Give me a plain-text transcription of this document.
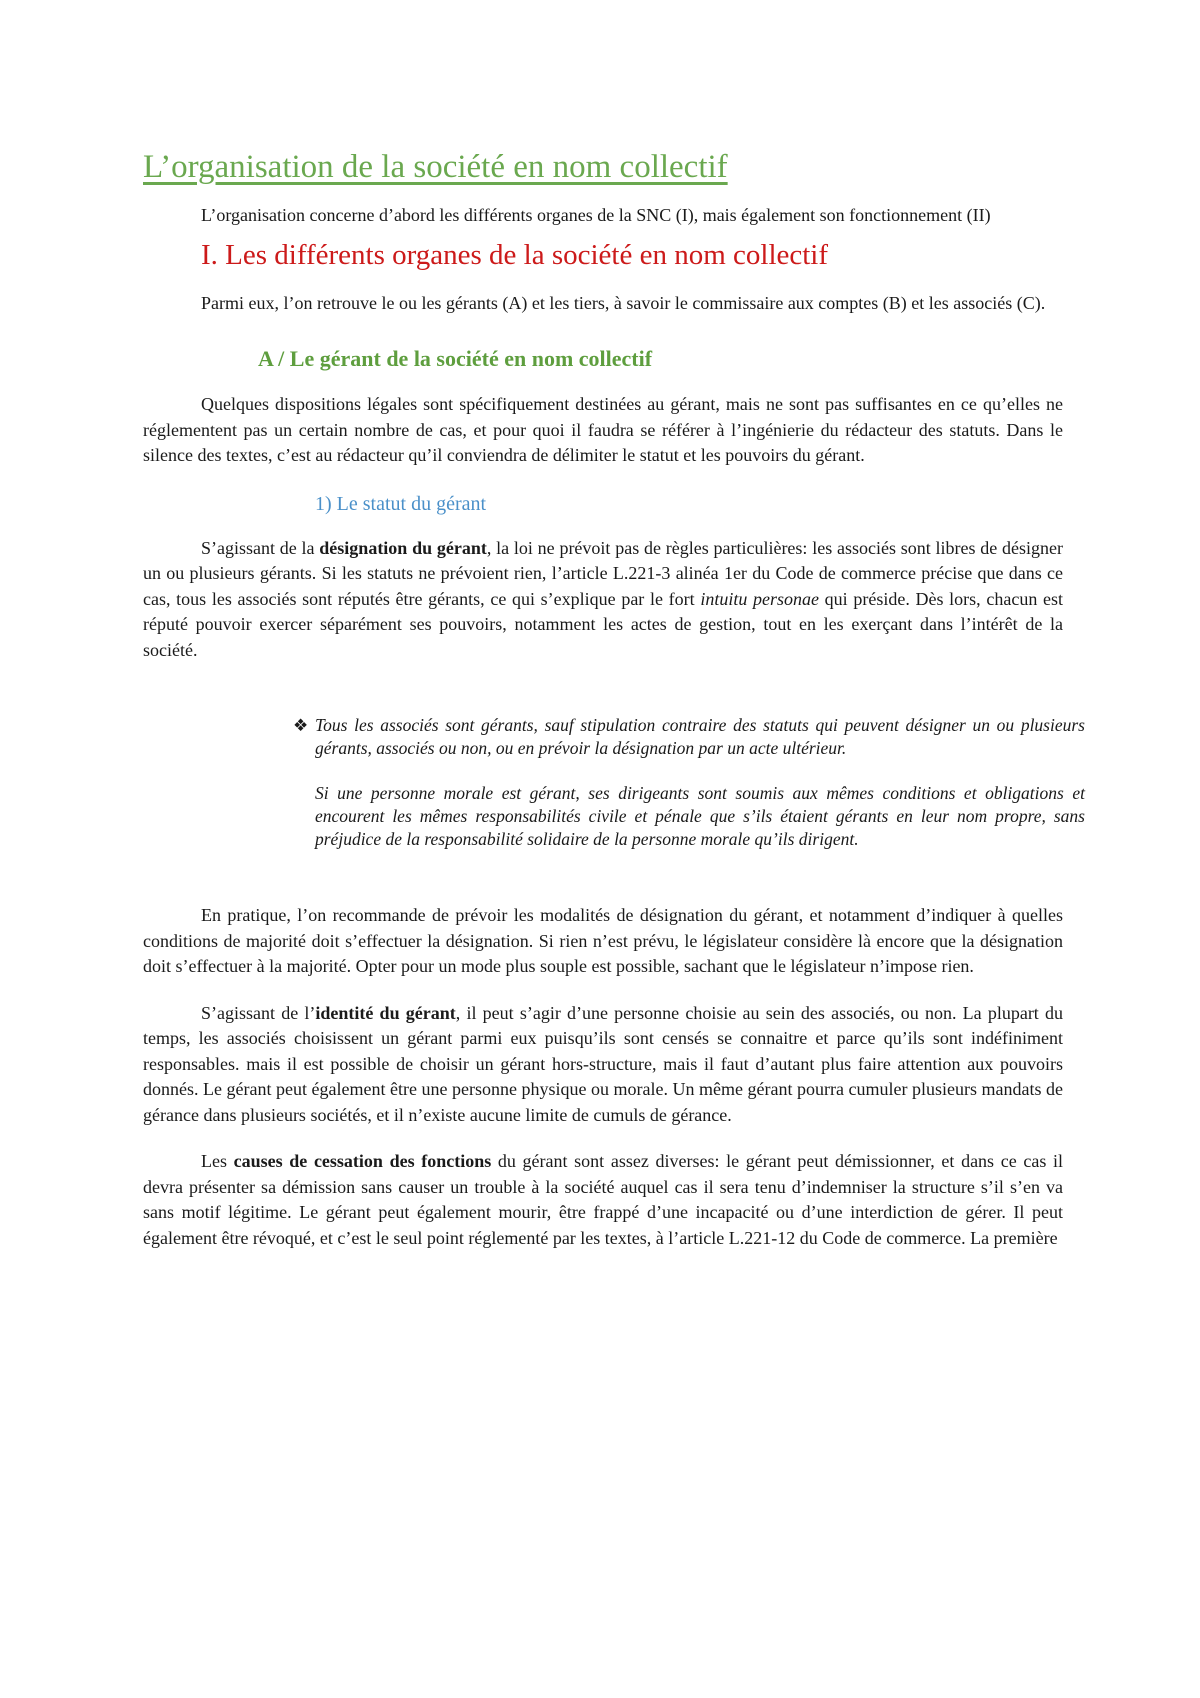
L’organisation de la société en nom collectif

L’organisation concerne d’abord les différents organes de la SNC (I), mais également son fonctionnement (II)

I. Les différents organes de la société en nom collectif

Parmi eux, l’on retrouve le ou les gérants (A) et les tiers, à savoir le commissaire aux comptes (B) et les associés (C).

A / Le gérant de la société en nom collectif

Quelques dispositions légales sont spécifiquement destinées au gérant, mais ne sont pas suffisantes en ce qu’elles ne réglementent pas un certain nombre de cas, et pour quoi il faudra se référer à l’ingénierie du rédacteur des statuts. Dans le silence des textes, c’est au rédacteur qu’il conviendra de délimiter le statut et les pouvoirs du gérant.

1) Le statut du gérant

S’agissant de la désignation du gérant, la loi ne prévoit pas de règles particulières: les associés sont libres de désigner un ou plusieurs gérants. Si les statuts ne prévoient rien, l’article L.221-3 alinéa 1er du Code de commerce précise que dans ce cas, tous les associés sont réputés être gérants, ce qui s’explique par le fort intuitu personae qui préside. Dès lors, chacun est réputé pouvoir exercer séparément ses pouvoirs, notamment les actes de gestion, tout en les exerçant dans l’intérêt de la société.

❖ Tous les associés sont gérants, sauf stipulation contraire des statuts qui peuvent désigner un ou plusieurs gérants, associés ou non, ou en prévoir la désignation par un acte ultérieur.
Si une personne morale est gérant, ses dirigeants sont soumis aux mêmes conditions et obligations et encourent les mêmes responsabilités civile et pénale que s’ils étaient gérants en leur nom propre, sans préjudice de la responsabilité solidaire de la personne morale qu’ils dirigent.

En pratique, l’on recommande de prévoir les modalités de désignation du gérant, et notamment d’indiquer à quelles conditions de majorité doit s’effectuer la désignation. Si rien n’est prévu, le législateur considère là encore que la désignation doit s’effectuer à la majorité. Opter pour un mode plus souple est possible, sachant que le législateur n’impose rien.

S’agissant de l’identité du gérant, il peut s’agir d’une personne choisie au sein des associés, ou non. La plupart du temps, les associés choisissent un gérant parmi eux puisqu’ils sont censés se connaitre et parce qu’ils sont indéfiniment responsables. mais il est possible de choisir un gérant hors-structure, mais il faut d’autant plus faire attention aux pouvoirs donnés. Le gérant peut également être une personne physique ou morale. Un même gérant pourra cumuler plusieurs mandats de gérance dans plusieurs sociétés, et il n’existe aucune limite de cumuls de gérance.

Les causes de cessation des fonctions du gérant sont assez diverses: le gérant peut démissionner, et dans ce cas il devra présenter sa démission sans causer un trouble à la société auquel cas il sera tenu d’indemniser la structure s’il s’en va sans motif légitime. Le gérant peut également mourir, être frappé d’une incapacité ou d’une interdiction de gérer. Il peut également être révoqué, et c’est le seul point réglementé par les textes, à l’article L.221-12 du Code de commerce. La première
